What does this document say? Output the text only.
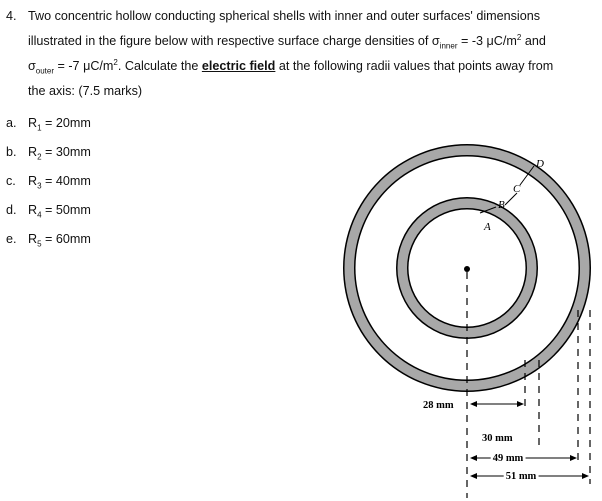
4. Two concentric hollow conducting spherical shells with inner and outer surfaces' dimensions
illustrated in the figure below with respective surface charge densities of $\sigma_{inner} = -3$ $\mu C/m^2$ and
$\sigma_{outer} = -7$ $\mu C/m^2$. Calculate the electric field at the following radii values that points away from
the axis: (7.5 marks)
a. $R_1 = 20mm$
b. $R_2 = 30mm$
c. $R_3 = 40mm$
d. $R_4 = 50mm$
e. $R_5 = 60mm$
A
B
C
D
28 mm
30 mm
49 mm
51 mm
